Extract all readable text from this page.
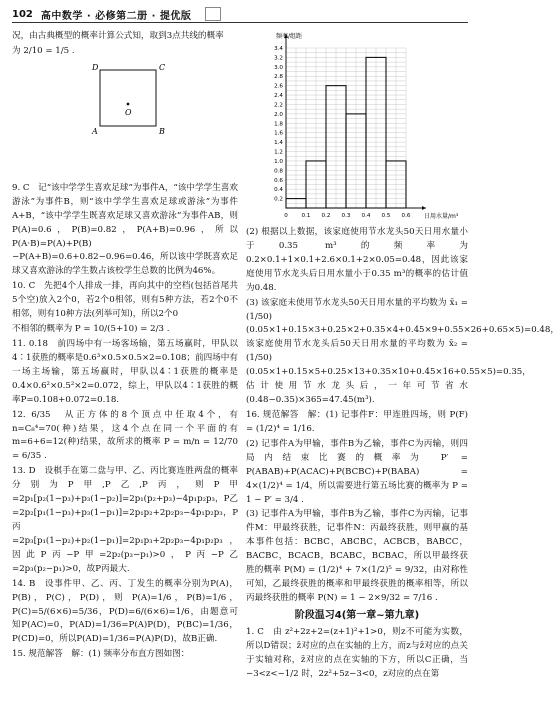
102 高中数学 · 必修第二册 · 提优版

况，由古典概型的概率计算公式知，取到3点共线的概率

为 2/10 = 1/5 .

D	C
A	B
O

9. C　记“该中学学生喜欢足球”为事件A，“该中学学生喜欢游泳”为事件B，则“该中学学生喜欢足球或游泳”为事件A+B，“该中学学生既喜欢足球又喜欢游泳”为事件AB，则P(A)=0.6，P(B)=0.82，P(A+B)=0.96，所以P(A·B)=P(A)+P(B)−P(A+B)=0.6+0.82−0.96=0.46，所以该中学既喜欢足球又喜欢游泳的学生数占该校学生总数的比例为46%。

10. C　先把4个人排成一排，再向其中的空档(包括首尾共5个空)放入2个0，若2个0相邻，则有5种方法，若2个0不相邻，则有10种方法(列举可知)，所以2个0

不相邻的概率为 P = 10/(5+10) = 2/3 .

11. 0.18　前四场中有一场客场输，第五场赢时，甲队以4∶1获胜的概率是0.6³×0.5×0.5×2=0.108；前四场中有一场主场输，第五场赢时，甲队以4∶1获胜的概率是0.4×0.6²×0.5²×2=0.072，综上，甲队以4∶1获胜的概率P=0.108+0.072=0.18.

12. 6/35　从正方体的8个顶点中任取4个，有n=C₈⁴=70(种)结果，这4个点在同一个平面的有m=6+6=12(种)结果，故所求的概率 P = m/n = 12/70 = 6/35 .

13. D　设棋手在第二盘与甲、乙、丙比赛连胜两盘的概率分别为P甲,P乙,P丙，则P甲=2p₁[p₂(1−p₃)+p₃(1−p₂)]=2p₁(p₂+p₃)−4p₁p₂p₃，P乙=2p₂[p₁(1−p₃)+p₃(1−p₁)]=2p₁p₂+2p₂p₃−4p₁p₂p₃，P丙=2p₃[p₁(1−p₂)+p₂(1−p₁)]=2p₁p₃+2p₂p₃−4p₁p₂p₃，因此P丙−P甲=2p₂(p₃−p₁)>0，P丙−P乙=2p₃(p₂−p₁)>0，故P丙最大.

14. B　设事件甲、乙、丙、丁发生的概率分别为P(A)，P(B)，P(C)，P(D)，则 P(A)=1/6，P(B)=1/6，P(C)=5/(6×6)=5/36，P(D)=6/(6×6)=1/6，由题意可知P(AC)=0，P(AD)=1/36=P(A)P(D)，P(BC)=1/36，P(CD)=0，所以P(AD)=1/36=P(A)P(D)，故B正确.

15. 规范解答　解：(1) 频率分布直方图如图：

0.2
0.4
0.6
0.8
1.0
1.2
1.4
1.6
1.8
2.0
2.2
2.4
2.6
2.8
3.0
3.2
3.4
0 0.1 0.2 0.3 0.4 0.5 0.6
频率/组距
日用水量/m³

(2) 根据以上数据，该家庭使用节水龙头50天日用水量小于0.35 m³的频率为0.2×0.1+1×0.1+2.6×0.1+2×0.05=0.48，因此该家庭使用节水龙头后日用水量小于0.35 m³的概率的估计值为0.48.

(3) 该家庭未使用节水龙头50天日用水量的平均数为 x̄₁ = (1/50)(0.05×1+0.15×3+0.25×2+0.35×4+0.45×9+0.55×26+0.65×5)=0.48，该家庭使用节水龙头后50天日用水量的平均数为 x̄₂ = (1/50)(0.05×1+0.15×5+0.25×13+0.35×10+0.45×16+0.55×5)=0.35，估计使用节水龙头后，一年可节省水(0.48−0.35)×365=47.45(m³).

16. 规范解答　解：(1) 记事件F：甲连胜四场，则 P(F) = (1/2)⁴ = 1/16.

(2) 记事件A为甲输，事件B为乙输，事件C为丙输，则四局内结束比赛的概率为 P′ = P(ABAB)+P(ACAC)+P(BCBC)+P(BABA) = 4×(1/2)⁴ = 1/4，所以需要进行第五场比赛的概率为 P = 1 − P′ = 3/4 .

(3) 记事件A为甲输，事件B为乙输，事件C为丙输，记事件M：甲最终获胜，记事件N：丙最终获胜，则甲赢的基本事件包括：BCBC，ABCBC，ACBCB，BABCC，BACBC，BCACB，BCABC，BCBAC，所以甲最终获胜的概率 P(M) = (1/2)⁴ + 7×(1/2)⁵ = 9/32，由对称性可知，乙最终获胜的概率和甲最终获胜的概率相等，所以丙最终获胜的概率 P(N) = 1 − 2×9/32 = 7/16 .

阶段温习4(第一章~第九章)

1. C　由 z²+2z+2=(z+1)²+1>0，则z不可能为实数，所以D错误；z̄对应的点在实轴的上方，而z与z̄对应的点关于实轴对称，z̄对应的点在实轴的下方，所以C正确，当 −3<z<−1/2 时，2z²+5z−3<0，z对应的点在第
